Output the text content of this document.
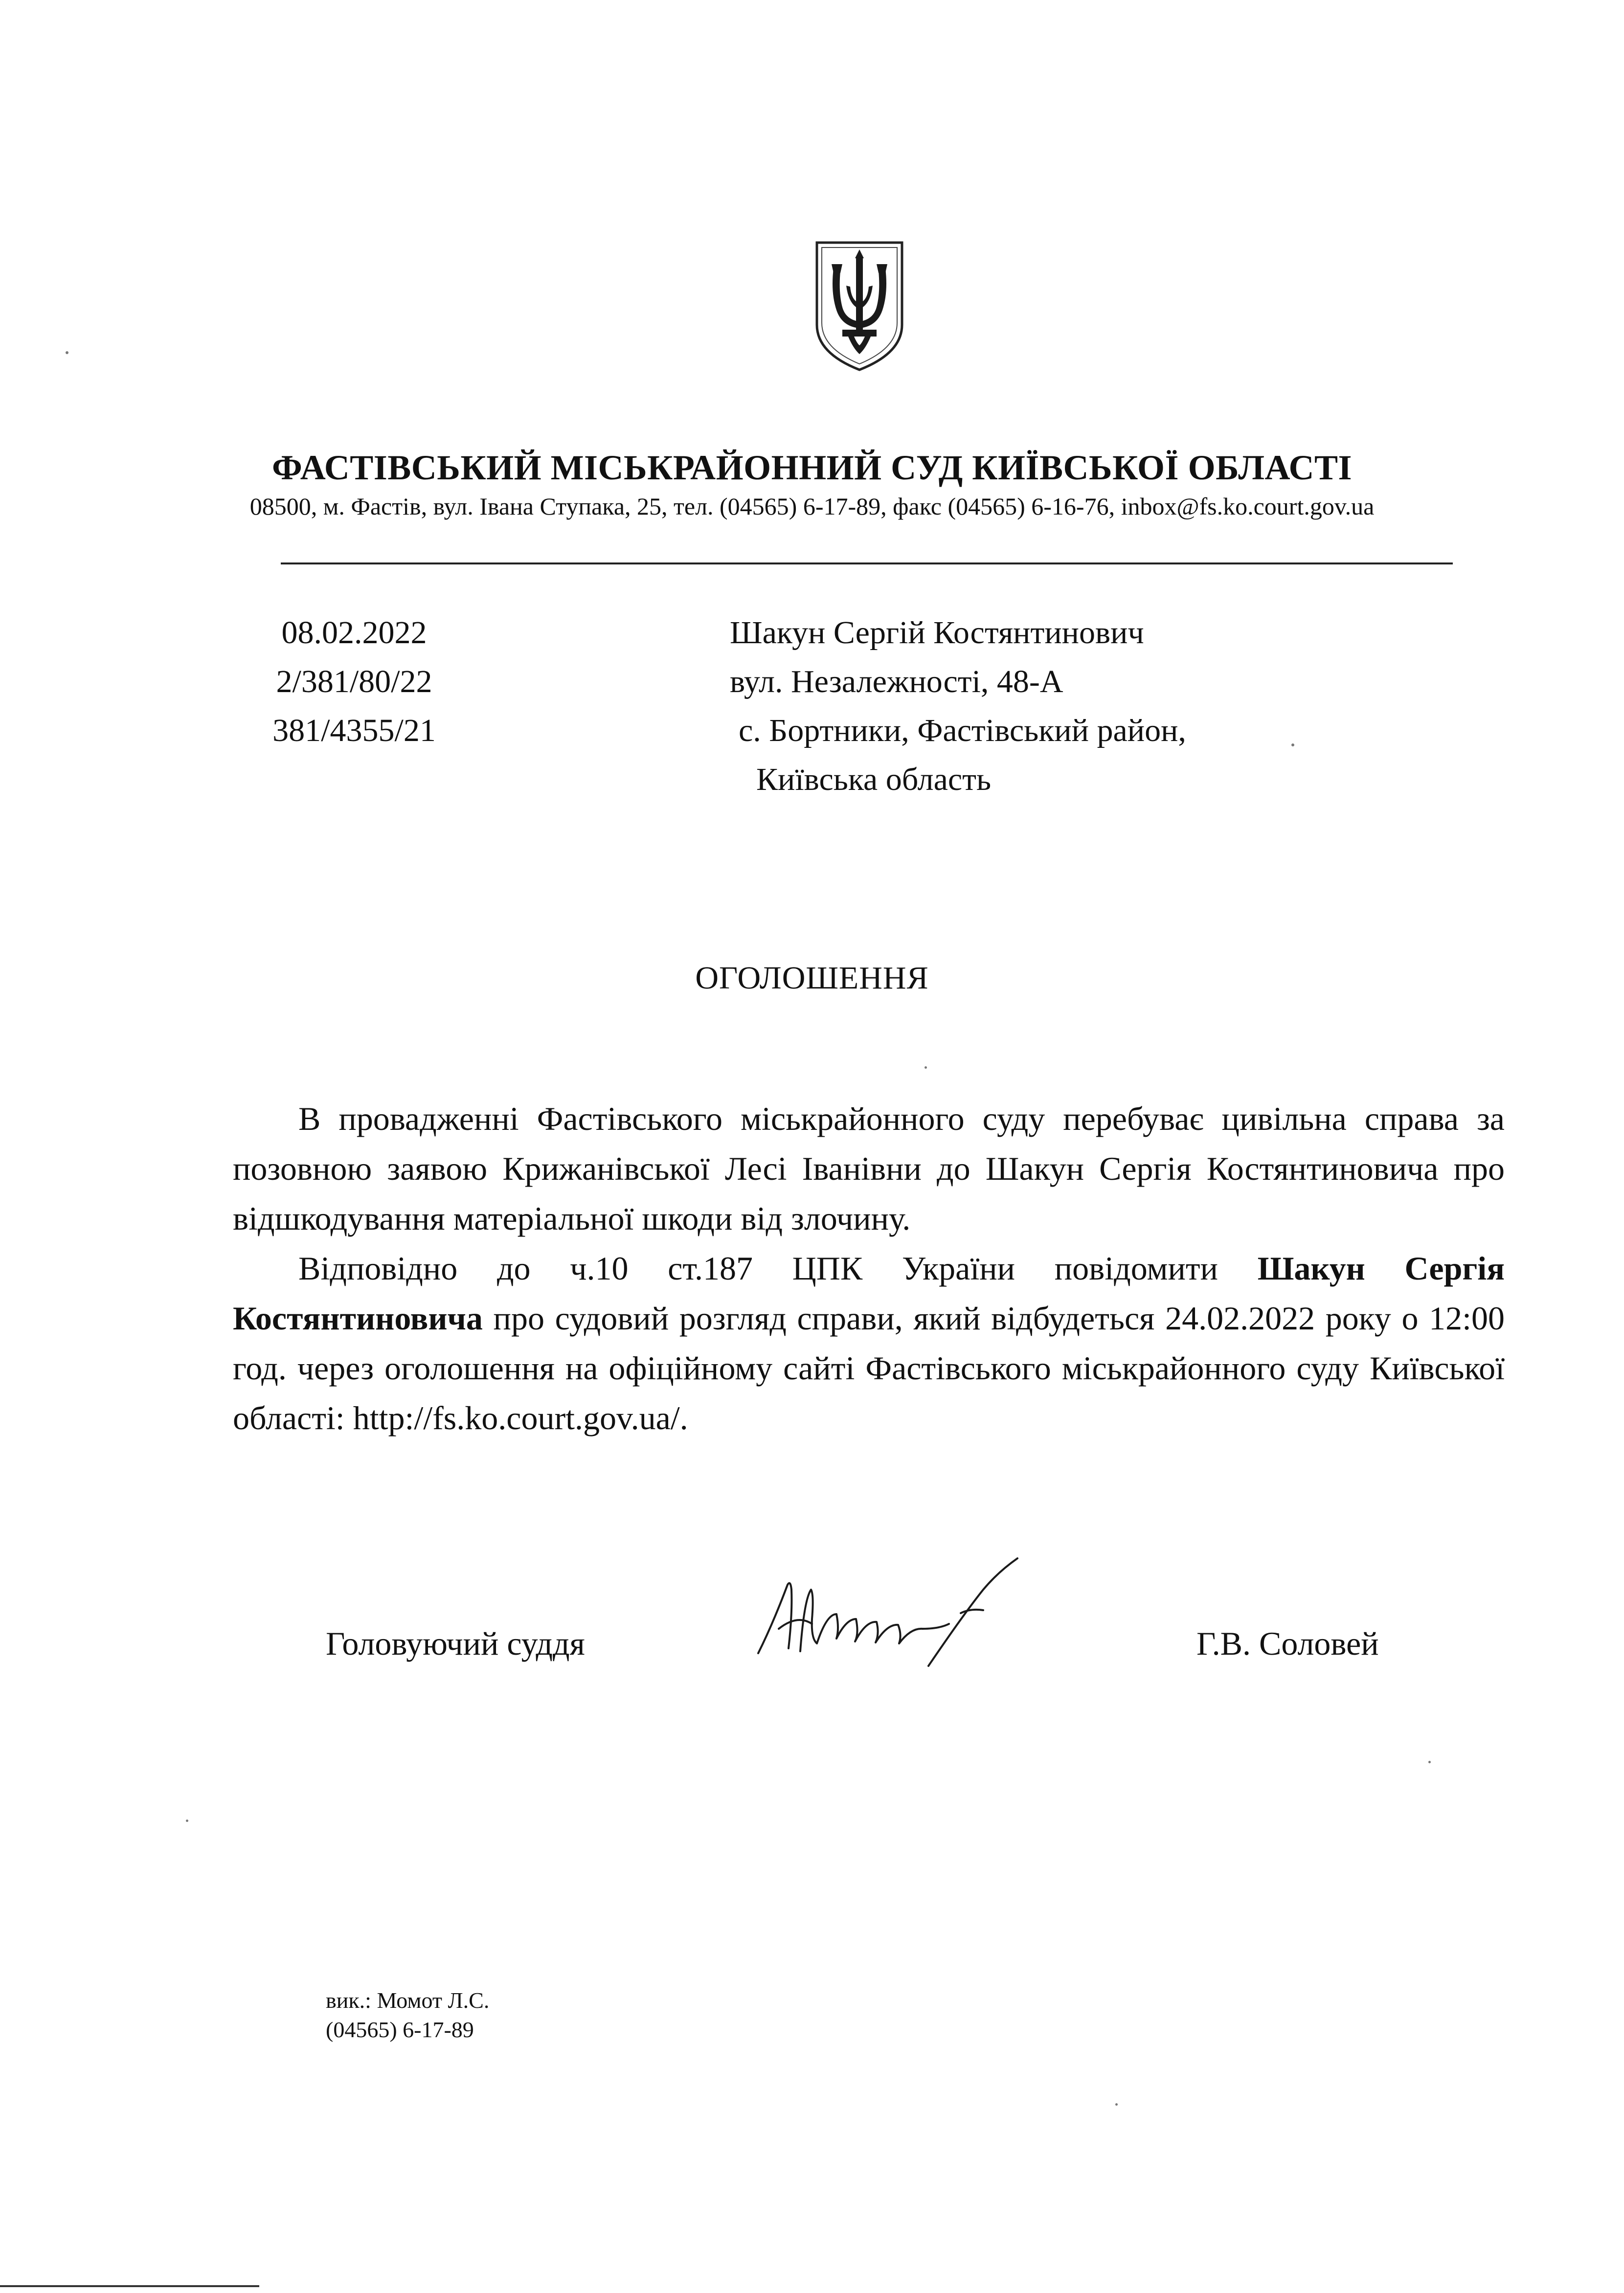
ФАСТІВСЬКИЙ МІСЬКРАЙОННИЙ СУД КИЇВСЬКОЇ ОБЛАСТІ
08500, м. Фастів, вул. Івана Ступака, 25, тел. (04565) 6-17-89, факс (04565) 6-16-76, inbox@fs.ko.court.gov.ua
08.02.2022
2/381/80/22
381/4355/21
Шакун Сергій Костянтинович
вул. Незалежності, 48-А
с. Бортники, Фастівський район,
Київська область
ОГОЛОШЕННЯ

В провадженні Фастівського міськрайонного суду перебуває цивільна справа за позовною заявою Крижанівської Лесі Іванівни до Шакун Сергія Костянтиновича про відшкодування матеріальної шкоди від злочину.

Відповідно до ч.10 ст.187 ЦПК України повідомити Шакун Сергія Костянтиновича про судовий розгляд справи, який відбудеться 24.02.2022 року о 12:00 год. через оголошення на офіційному сайті Фастівського міськрайонного суду Київської області: http://fs.ko.court.gov.ua/.

Головуючий суддя	Г.В. Соловей
вик.: Момот Л.С.
(04565) 6-17-89
